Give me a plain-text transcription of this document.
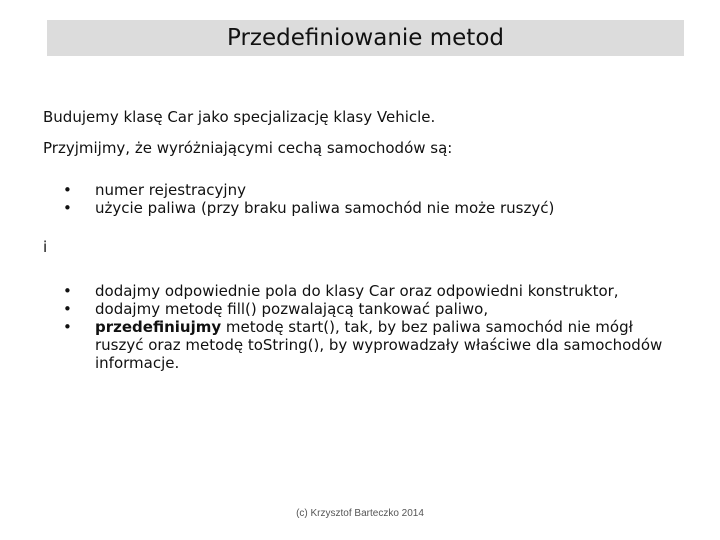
Przedefiniowanie metod
Budujemy klasę Car jako specjalizację klasy Vehicle.
Przyjmijmy, że wyróżniającymi cechą samochodów są:
• numer rejestracyjny
• użycie paliwa (przy braku paliwa samochód nie może ruszyć)
i
• dodajmy odpowiednie pola do klasy Car oraz odpowiedni konstruktor,
• dodajmy metodę fill() pozwalającą tankować paliwo,
• przedefiniujmy metodę start(), tak, by bez paliwa samochód nie mógł ruszyć oraz metodę toString(), by wyprowadzały właściwe dla samochodów informacje.
(c) Krzysztof Barteczko 2014
